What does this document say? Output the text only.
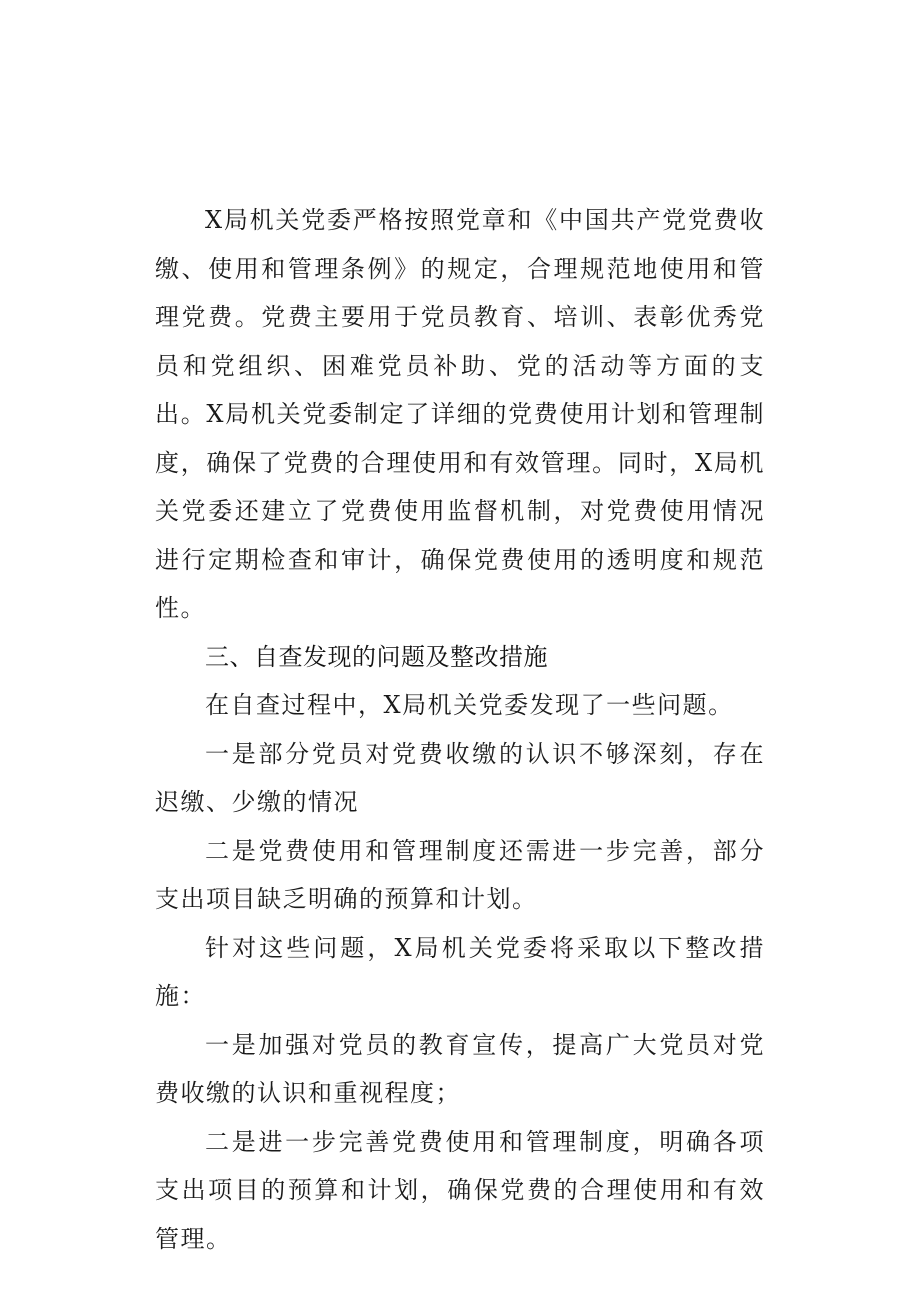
X局机关党委严格按照党章和《中国共产党党费收缴、使用和管理条例》的规定，合理规范地使用和管理党费。党费主要用于党员教育、培训、表彰优秀党员和党组织、困难党员补助、党的活动等方面的支出。X局机关党委制定了详细的党费使用计划和管理制度，确保了党费的合理使用和有效管理。同时，X局机关党委还建立了党费使用监督机制，对党费使用情况进行定期检查和审计，确保党费使用的透明度和规范性。

三、自查发现的问题及整改措施

在自查过程中，X局机关党委发现了一些问题。

一是部分党员对党费收缴的认识不够深刻，存在迟缴、少缴的情况

二是党费使用和管理制度还需进一步完善，部分支出项目缺乏明确的预算和计划。

针对这些问题，X局机关党委将采取以下整改措施：

一是加强对党员的教育宣传，提高广大党员对党费收缴的认识和重视程度；

二是进一步完善党费使用和管理制度，明确各项支出项目的预算和计划，确保党费的合理使用和有效管理。
